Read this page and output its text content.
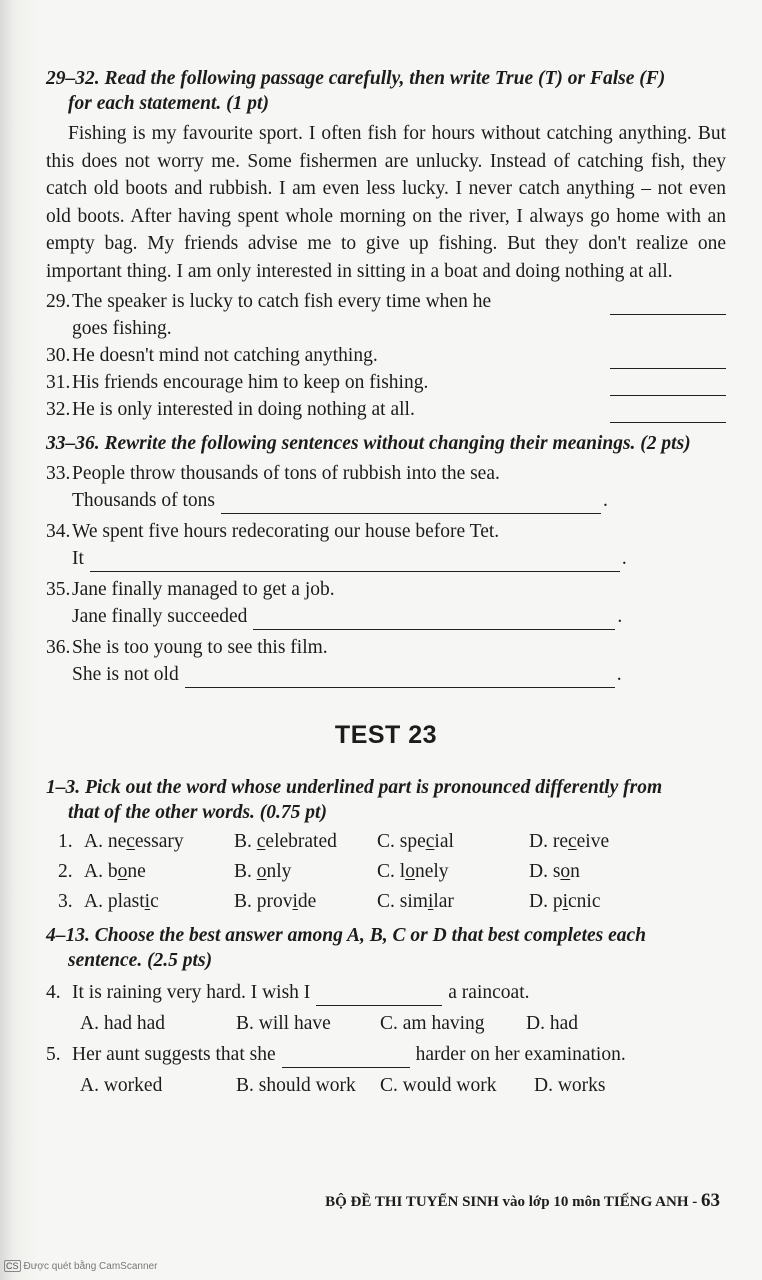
29–32. Read the following passage carefully, then write True (T) or False (F)
for each statement. (1 pt)

Fishing is my favourite sport. I often fish for hours without catching anything. But this does not worry me. Some fishermen are unlucky. Instead of catching fish, they catch old boots and rubbish. I am even less lucky. I never catch anything – not even old boots. After having spent whole morning on the river, I always go home with an empty bag. My friends advise me to give up fishing. But they don't realize one important thing. I am only interested in sitting in a boat and doing nothing at all.

29. The speaker is lucky to catch fish every time when he
goes fishing.
30. He doesn't mind not catching anything.
31. His friends encourage him to keep on fishing.
32. He is only interested in doing nothing at all.
33–36. Rewrite the following sentences without changing their meanings. (2 pts)
33. People throw thousands of tons of rubbish into the sea.
Thousands of tons	.
34. We spent five hours redecorating our house before Tet.
It	.
35. Jane finally managed to get a job.
Jane finally succeeded	.
36. She is too young to see this film.
She is not old	.
TEST 23
1–3. Pick out the word whose underlined part is pronounced differently from
that of the other words. (0.75 pt)
1. A. necessary	B. celebrated	C. special	D. receive
2. A. bone	B. only	C. lonely	D. son
3. A. plastic	B. provide	C. similar	D. picnic
4–13. Choose the best answer among A, B, C or D that best completes each
sentence. (2.5 pts)
4. It is raining very hard. I wish I	a raincoat.
A. had had	B. will have	C. am having	D. had
5. Her aunt suggests that she	harder on her examination.
A. worked	B. should work	C. would work	D. works
BỘ ĐỀ THI TUYỂN SINH vào lớp 10 môn TIẾNG ANH - 63
CS Được quét bằng CamScanner
